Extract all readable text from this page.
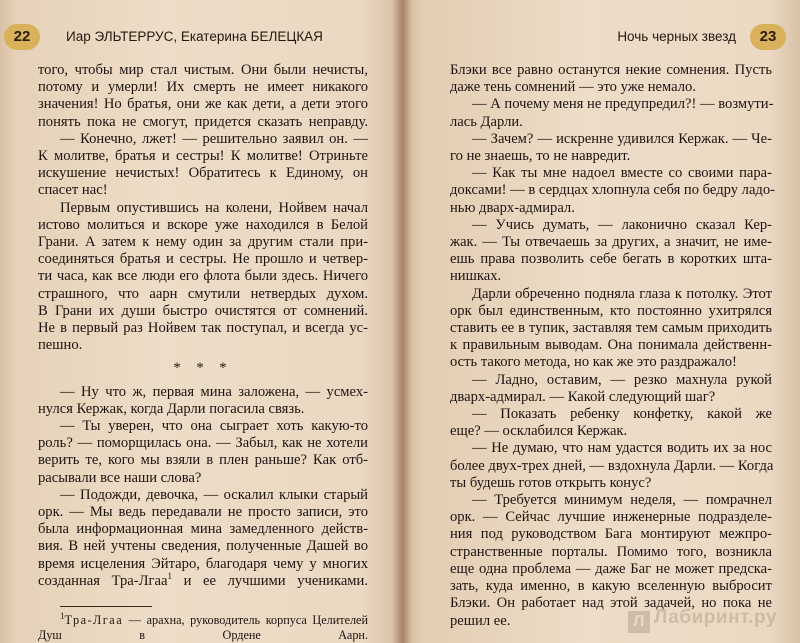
22	Иар ЭЛЬТЕРРУС, Екатерина БЕЛЕЦКАЯ

того, чтобы мир стал чистым. Они были нечисты,

потому и умерли! Их смерть не имеет никакого

значения! Но братья, они же как дети, а дети этого

понять пока не смогут, придется сказать неправду.

— Конечно, лжет! — решительно заявил он. —

К молитве, братья и сестры! К молитве! Отриньте

искушение нечистых! Обратитесь к Единому, он

спасет нас!

Первым опустившись на колени, Нойвем начал

истово молиться и вскоре уже находился в Белой

Грани. А затем к нему один за другим стали при-

соединяться братья и сестры. Не прошло и четвер-

ти часа, как все люди его флота были здесь. Ничего

страшного, что аарн смутили нетвердых духом.

В Грани их души быстро очистятся от сомнений.

Не в первый раз Нойвем так поступал, и всегда ус-

пешно.

* * *

— Ну что ж, первая мина заложена, — усмех-

нулся Кержак, когда Дарли погасила связь.

— Ты уверен, что она сыграет хоть какую-то

роль? — поморщилась она. — Забыл, как не хотели

верить те, кого мы взяли в плен раньше? Как отб-

расывали все наши слова?

— Подожди, девочка, — оскалил клыки старый

орк. — Мы ведь передавали не просто записи, это

была информационная мина замедленного действ-

вия. В ней учтены сведения, полученные Дашей во

время исцеления Эйтаро, благодаря чему у многих

созданная Тра-Лгаа$^1$ и ее лучшими учениками.

$^1$Тра-Лгаа — арахна, руководитель корпуса Целителей

Душ в Ордене Аарн.

Ночь черных звезд	23

Блэки все равно останутся некие сомнения. Пусть

даже тень сомнений — это уже немало.

— А почему меня не предупредил?! — возмути-

лась Дарли.

— Зачем? — искренне удивился Кержак. — Че-

го не знаешь, то не навредит.

— Как ты мне надоел вместе со своими пара-

доксами! — в сердцах хлопнула себя по бедру ладо-

нью дварх-адмирал.

— Учись думать, — лаконично сказал Кер-

жак. — Ты отвечаешь за других, а значит, не име-

ешь права позволить себе бегать в коротких шта-

нишках.

Дарли обреченно подняла глаза к потолку. Этот

орк был единственным, кто постоянно ухитрялся

ставить ее в тупик, заставляя тем самым приходить

к правильным выводам. Она понимала действенн-

ость такого метода, но как же это раздражало!

— Ладно, оставим, — резко махнула рукой

дварх-адмирал. — Какой следующий шаг?

— Показать ребенку конфетку, какой же

еще? — осклабился Кержак.

— Не думаю, что нам удастся водить их за нос

более двух-трех дней, — вздохнула Дарли. — Когда

ты будешь готов открыть конус?

— Требуется минимум неделя, — помрачнел

орк. — Сейчас лучшие инженерные подразделе-

ния под руководством Бага монтируют межпро-

странственные порталы. Помимо того, возникла

еще одна проблема — даже Баг не может предска-

зать, куда именно, в какую вселенную выбросит

Блэки. Он работает над этой задачей, но пока не

решил ее.	Л Лабиринт.ру
